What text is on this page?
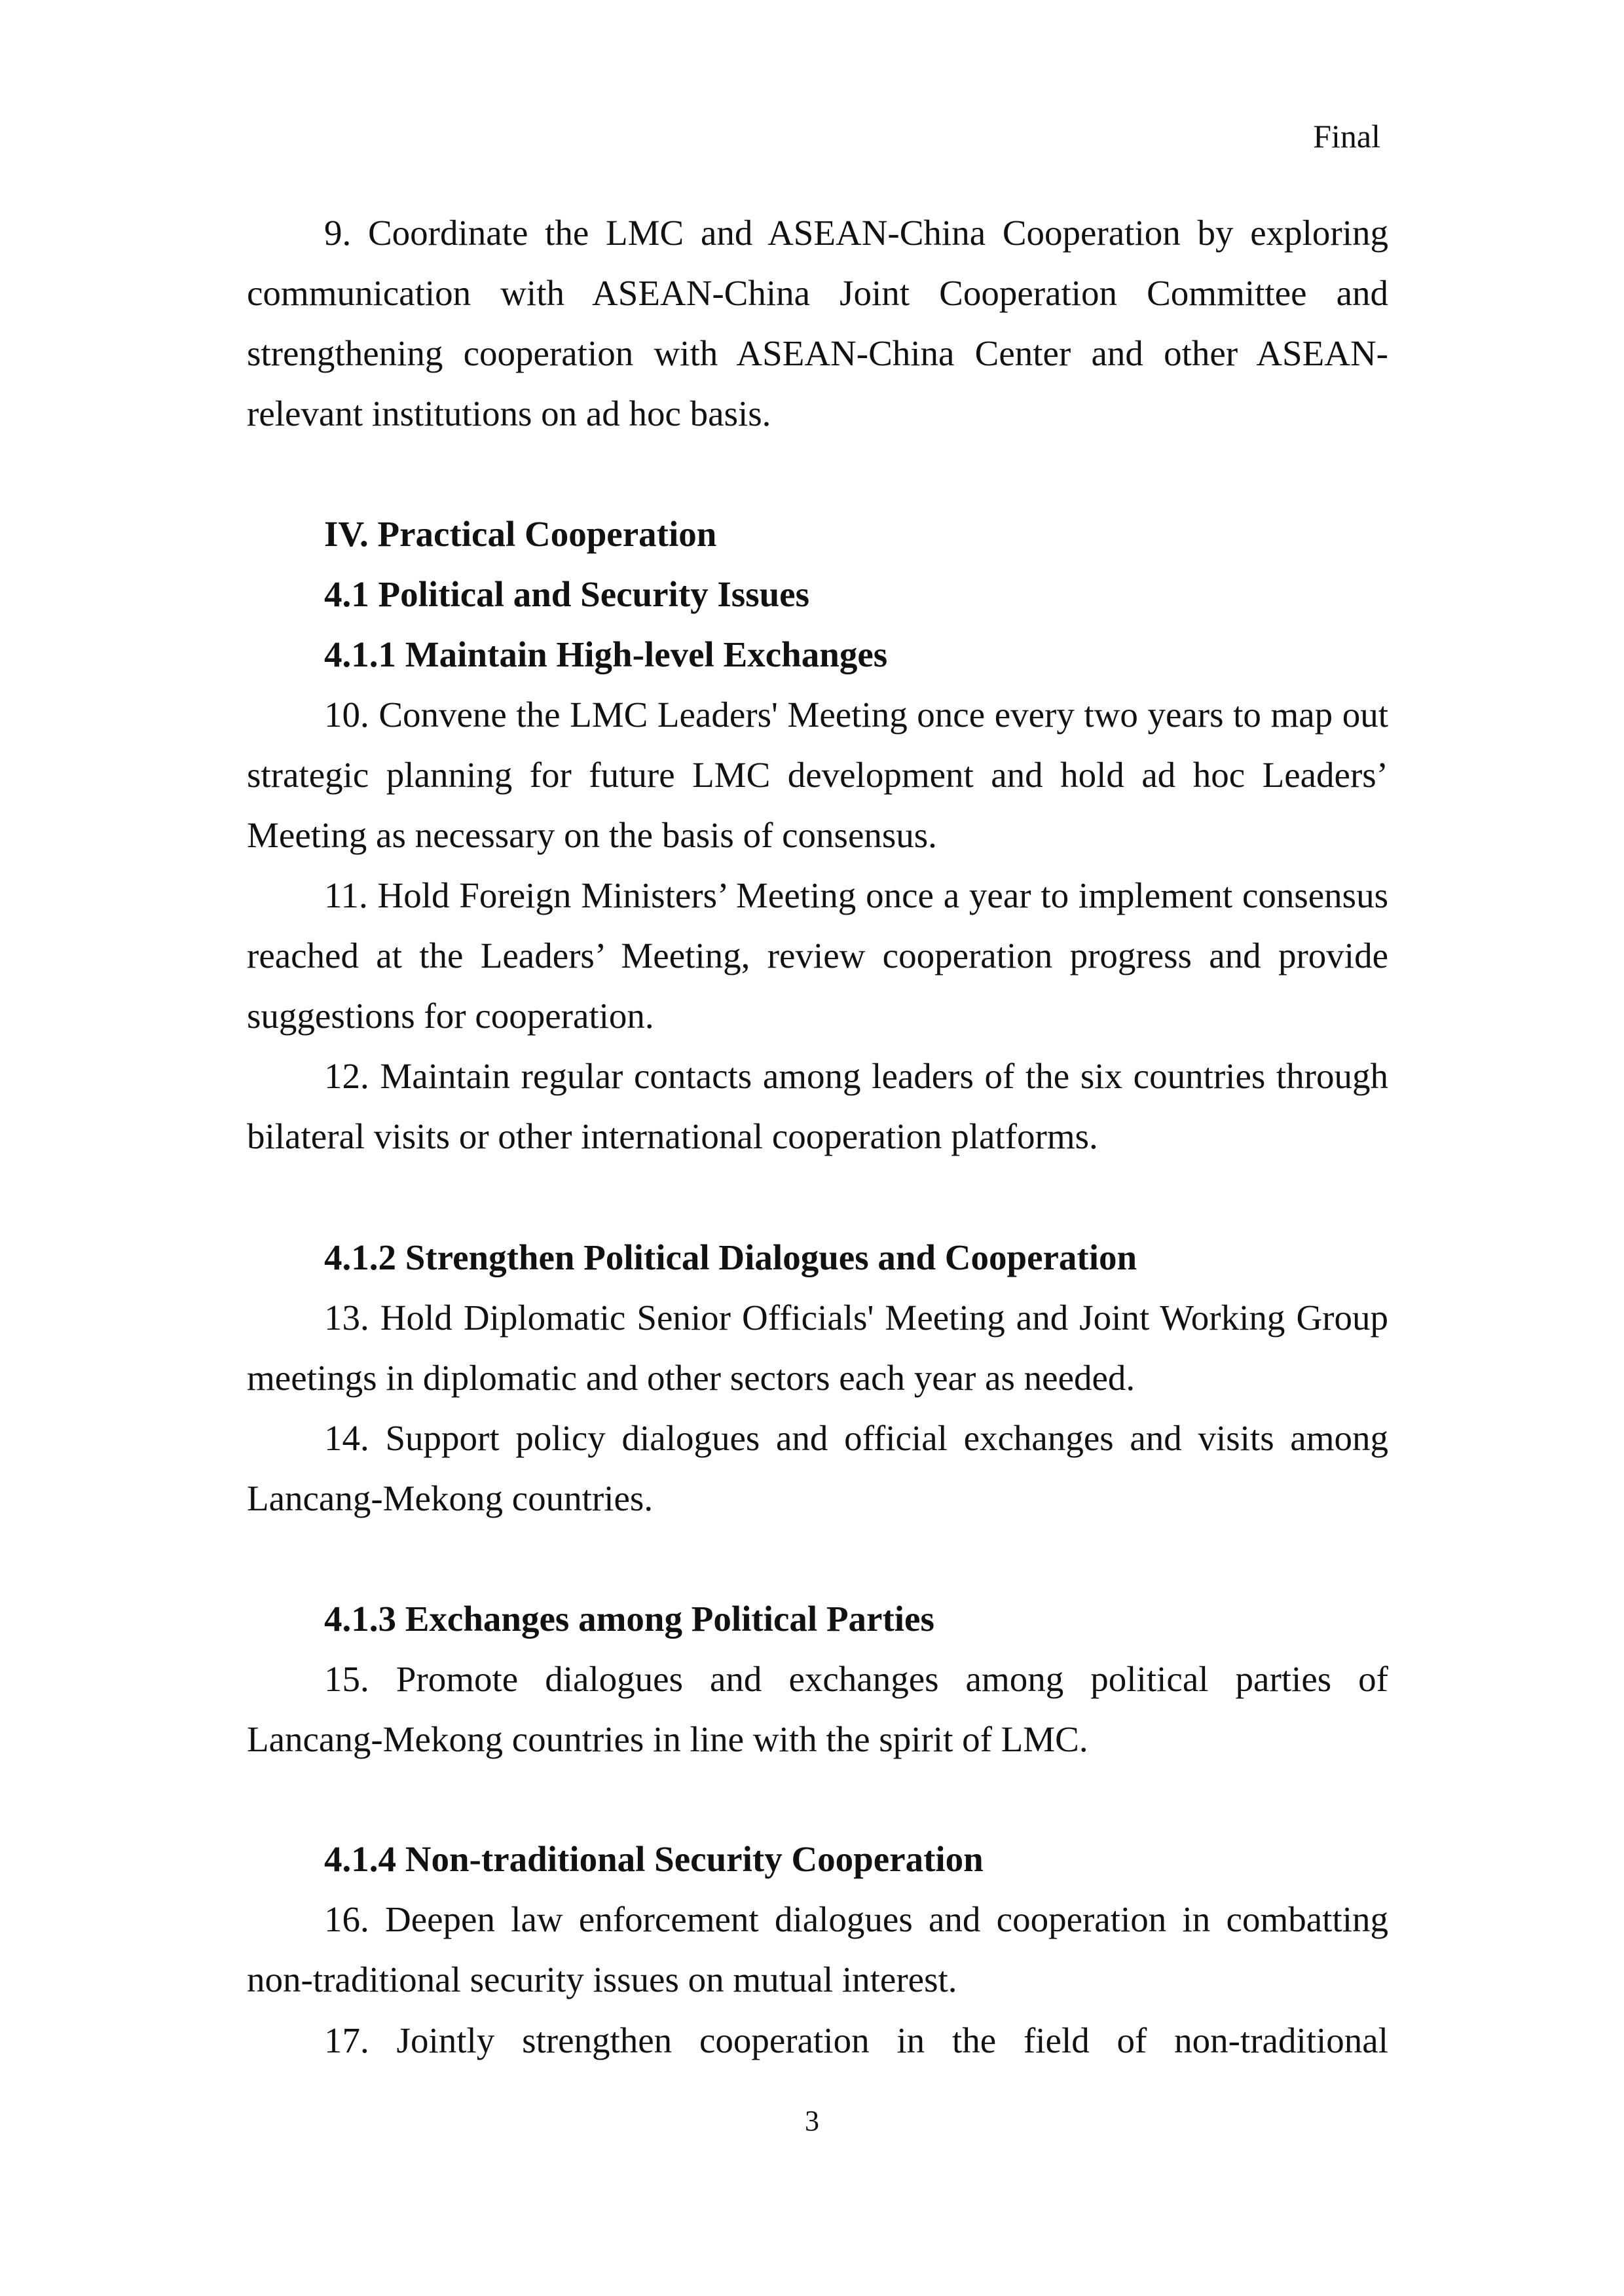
Final
9. Coordinate the LMC and ASEAN-China Cooperation by exploring communication with ASEAN-China Joint Cooperation Committee and strengthening cooperation with ASEAN-China Center and other ASEAN-relevant institutions on ad hoc basis.
IV. Practical Cooperation
4.1 Political and Security Issues
4.1.1 Maintain High-level Exchanges
10. Convene the LMC Leaders' Meeting once every two years to map out strategic planning for future LMC development and hold ad hoc Leaders’ Meeting as necessary on the basis of consensus.
11. Hold Foreign Ministers’ Meeting once a year to implement consensus reached at the Leaders’ Meeting, review cooperation progress and provide suggestions for cooperation.
12. Maintain regular contacts among leaders of the six countries through bilateral visits or other international cooperation platforms.
4.1.2 Strengthen Political Dialogues and Cooperation
13. Hold Diplomatic Senior Officials' Meeting and Joint Working Group meetings in diplomatic and other sectors each year as needed.
14. Support policy dialogues and official exchanges and visits among Lancang-Mekong countries.
4.1.3 Exchanges among Political Parties
15. Promote dialogues and exchanges among political parties of Lancang-Mekong countries in line with the spirit of LMC.
4.1.4 Non-traditional Security Cooperation
16. Deepen law enforcement dialogues and cooperation in combatting non-traditional security issues on mutual interest.
17. Jointly strengthen cooperation in the field of non-traditional
3
